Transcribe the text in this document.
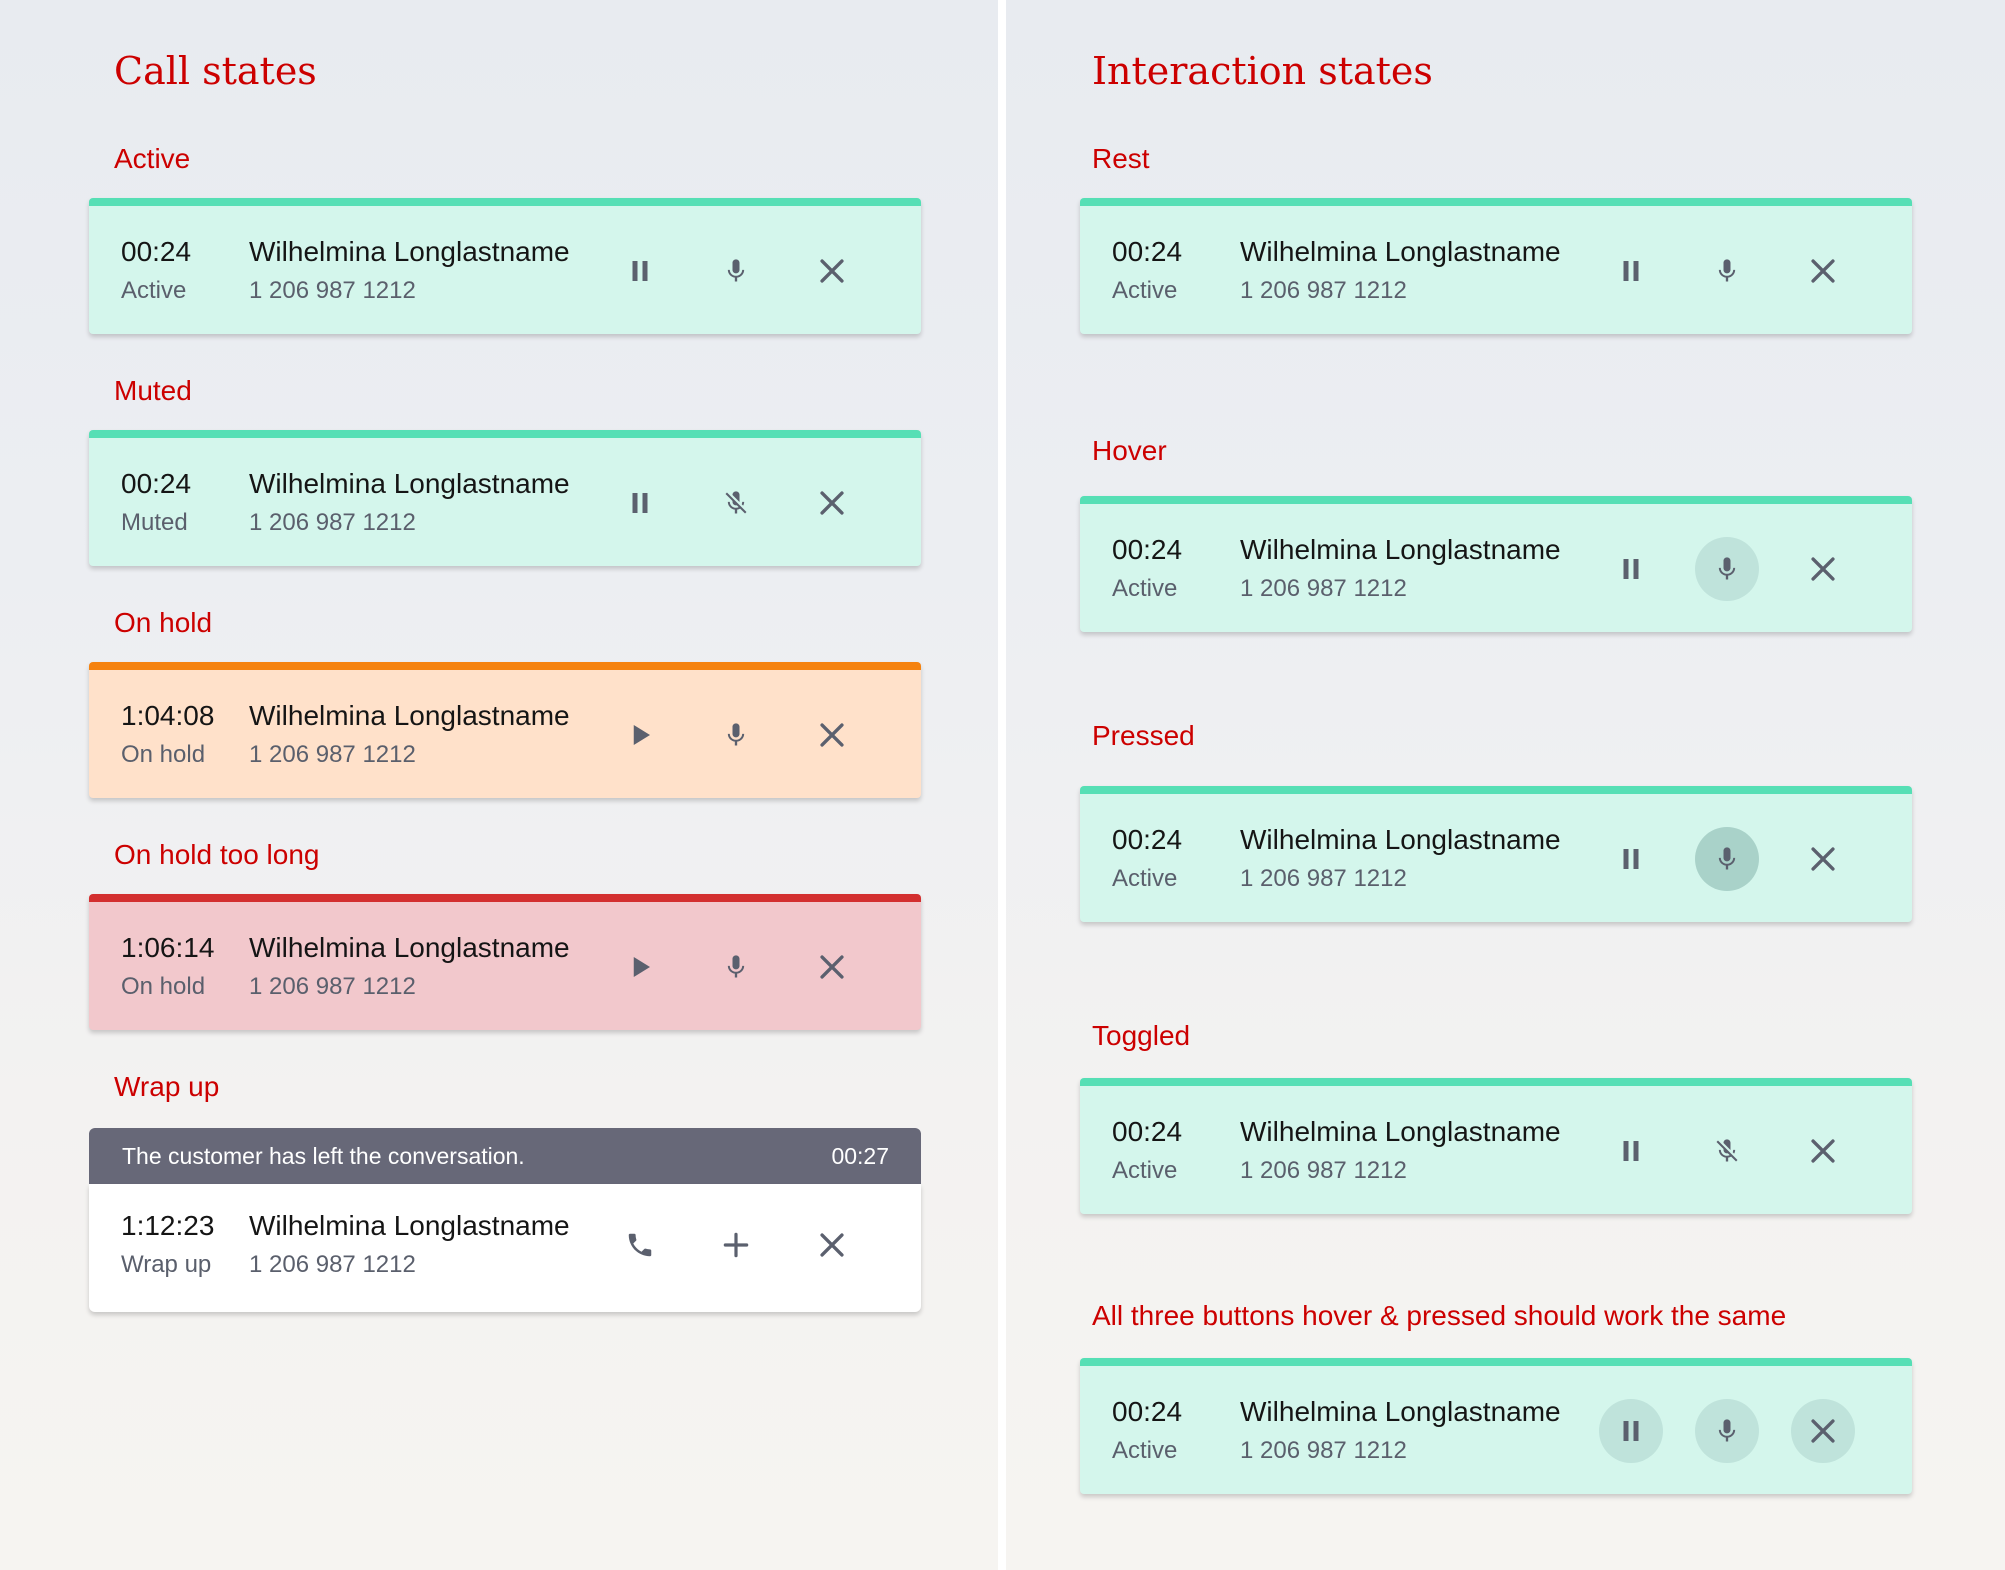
Call states
Active
00:24
Active
Wilhelmina Longlastname
1 206 987 1212
Muted
00:24
Muted
Wilhelmina Longlastname
1 206 987 1212
On hold
1:04:08
On hold
Wilhelmina Longlastname
1 206 987 1212
On hold too long
1:06:14
On hold
Wilhelmina Longlastname
1 206 987 1212
Wrap up
The customer has left the conversation.	00:27
1:12:23
Wrap up
Wilhelmina Longlastname
1 206 987 1212
Interaction states
Rest
00:24
Active
Wilhelmina Longlastname
1 206 987 1212
Hover
00:24
Active
Wilhelmina Longlastname
1 206 987 1212
Pressed
00:24
Active
Wilhelmina Longlastname
1 206 987 1212
Toggled
00:24
Active
Wilhelmina Longlastname
1 206 987 1212
All three buttons hover & pressed should work the same
00:24
Active
Wilhelmina Longlastname
1 206 987 1212
